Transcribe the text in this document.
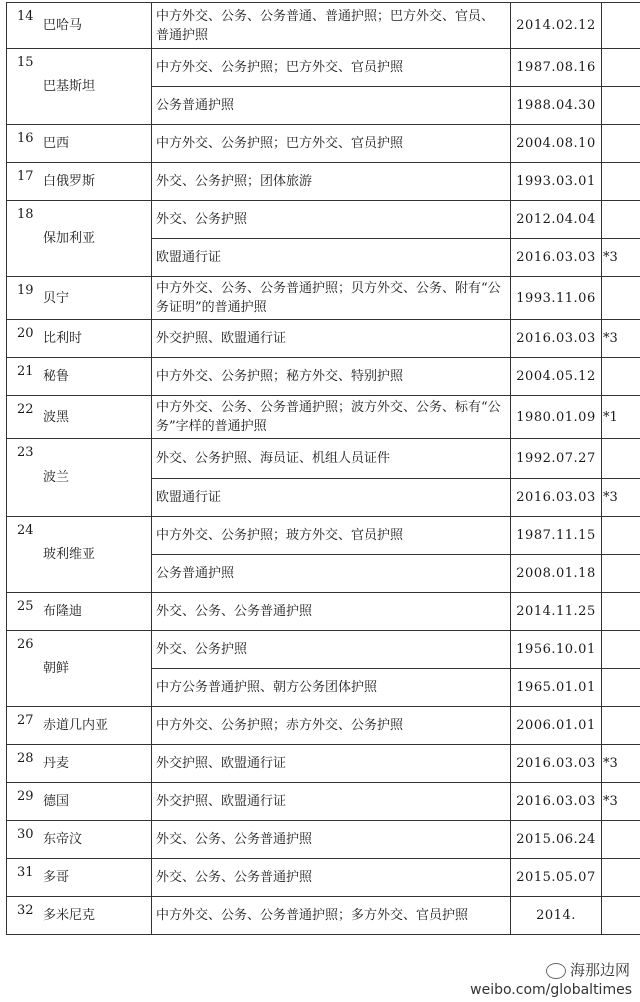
14	巴哈马	中方外交、公务、公务普通、普通护照；巴方外交、官员、普通护照	2014.02.12	

15	巴基斯坦	中方外交、公务护照；巴方外交、官员护照	1987.08.16	
		公务普通护照	1988.04.30	

16	巴西	中方外交、公务护照；巴方外交、官员护照	2004.08.10	

17	白俄罗斯	外交、公务护照；团体旅游	1993.03.01	

18	保加利亚	外交、公务护照	2012.04.04	
		欧盟通行证	2016.03.03	*3

19	贝宁	中方外交、公务、公务普通护照；贝方外交、公务、附有“公务证明”的普通护照	1993.11.06	

20	比利时	外交护照、欧盟通行证	2016.03.03	*3

21	秘鲁	中方外交、公务护照；秘方外交、特别护照	2004.05.12	

22	波黑	中方外交、公务、公务普通护照；波方外交、公务、标有“公务”字样的普通护照	1980.01.09	*1

23	波兰	外交、公务护照、海员证、机组人员证件	1992.07.27	
		欧盟通行证	2016.03.03	*3

24	玻利维亚	中方外交、公务护照；玻方外交、官员护照	1987.11.15	
		公务普通护照	2008.01.18	

25	布隆迪	外交、公务、公务普通护照	2014.11.25	

26	朝鲜	外交、公务护照	1956.10.01	
		中方公务普通护照、朝方公务团体护照	1965.01.01	

27	赤道几内亚	中方外交、公务护照；赤方外交、公务护照	2006.01.01	

28	丹麦	外交护照、欧盟通行证	2016.03.03	*3

29	德国	外交护照、欧盟通行证	2016.03.03	*3

30	东帝汶	外交、公务、公务普通护照	2015.06.24	

31	多哥	外交、公务、公务普通护照	2015.05.07	

32	多米尼克	中方外交、公务、公务普通护照；多方外交、官员护照	2014.	
海那边网
weibo.com/globaltimes
